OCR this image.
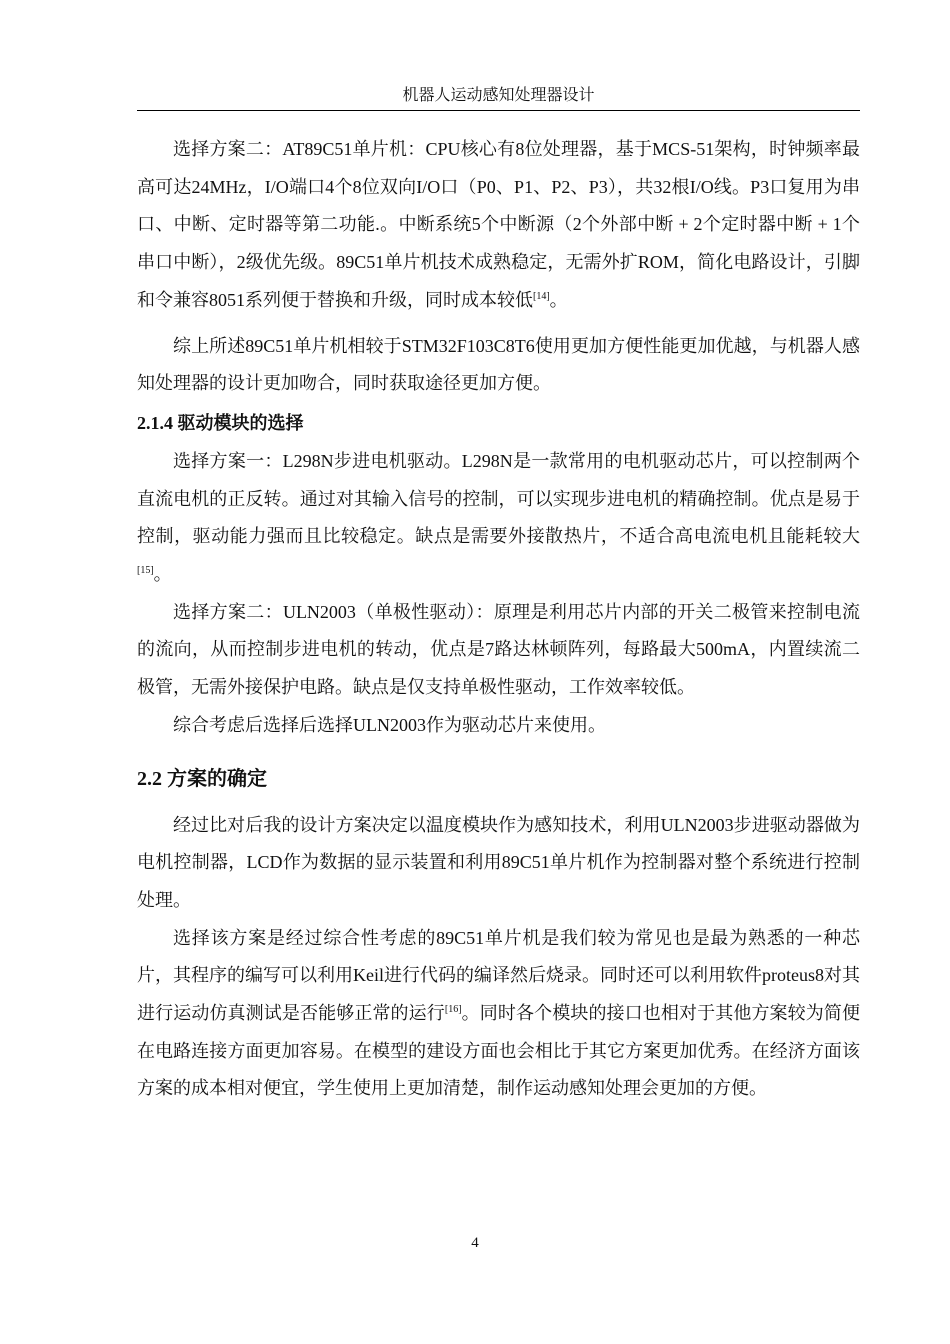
机器人运动感知处理器设计

选择方案二：AT89C51单片机：CPU核心有8位处理器，基于MCS-51架构，时钟频率最高可达24MHz，I/O端口4个8位双向I/O口（P0、P1、P2、P3），共32根I/O线。P3口复用为串口、中断、定时器等第二功能.。中断系统5个中断源（2个外部中断 + 2个定时器中断 + 1个串口中断），2级优先级。89C51单片机技术成熟稳定，无需外扩ROM，简化电路设计，引脚和令兼容8051系列便于替换和升级，同时成本较低[14]。

综上所述89C51单片机相较于STM32F103C8T6使用更加方便性能更加优越，与机器人感知处理器的设计更加吻合，同时获取途径更加方便。

2.1.4 驱动模块的选择

选择方案一：L298N步进电机驱动。L298N是一款常用的电机驱动芯片，可以控制两个直流电机的正反转。通过对其输入信号的控制，可以实现步进电机的精确控制。优点是易于控制，驱动能力强而且比较稳定。缺点是需要外接散热片，不适合高电流电机且能耗较大[15]。

选择方案二：ULN2003（单极性驱动）：原理是利用芯片内部的开关二极管来控制电流的流向，从而控制步进电机的转动，优点是7路达林顿阵列，每路最大500mA，内置续流二极管，无需外接保护电路。缺点是仅支持单极性驱动，工作效率较低。

综合考虑后选择后选择ULN2003作为驱动芯片来使用。

2.2 方案的确定

经过比对后我的设计方案决定以温度模块作为感知技术，利用ULN2003步进驱动器做为电机控制器，LCD作为数据的显示装置和利用89C51单片机作为控制器对整个系统进行控制处理。

选择该方案是经过综合性考虑的89C51单片机是我们较为常见也是最为熟悉的一种芯片，其程序的编写可以利用Keil进行代码的编译然后烧录。同时还可以利用软件proteus8对其进行运动仿真测试是否能够正常的运行[16]。同时各个模块的接口也相对于其他方案较为简便在电路连接方面更加容易。在模型的建设方面也会相比于其它方案更加优秀。在经济方面该方案的成本相对便宜，学生使用上更加清楚，制作运动感知处理会更加的方便。

4
